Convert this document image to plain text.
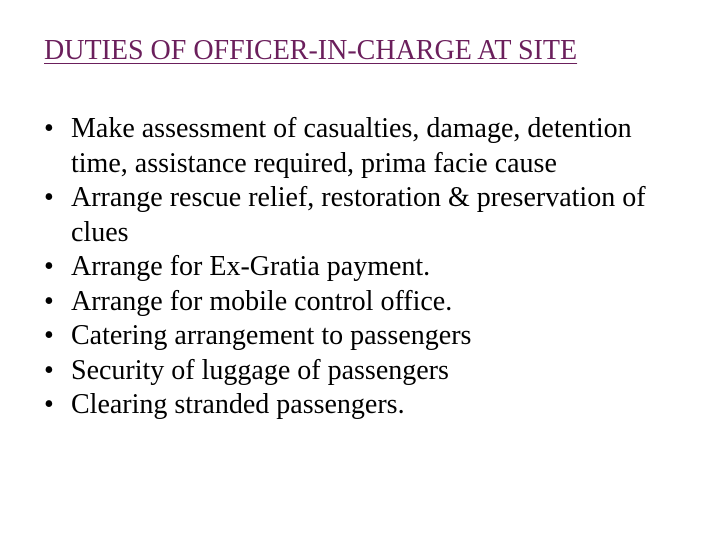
DUTIES OF OFFICER-IN-CHARGE AT SITE
• Make assessment of casualties, damage, detention time, assistance required, prima facie cause
• Arrange rescue relief, restoration & preservation of clues
• Arrange for Ex-Gratia payment.
• Arrange for mobile control office.
• Catering arrangement to passengers
• Security of luggage of passengers
• Clearing stranded passengers.
